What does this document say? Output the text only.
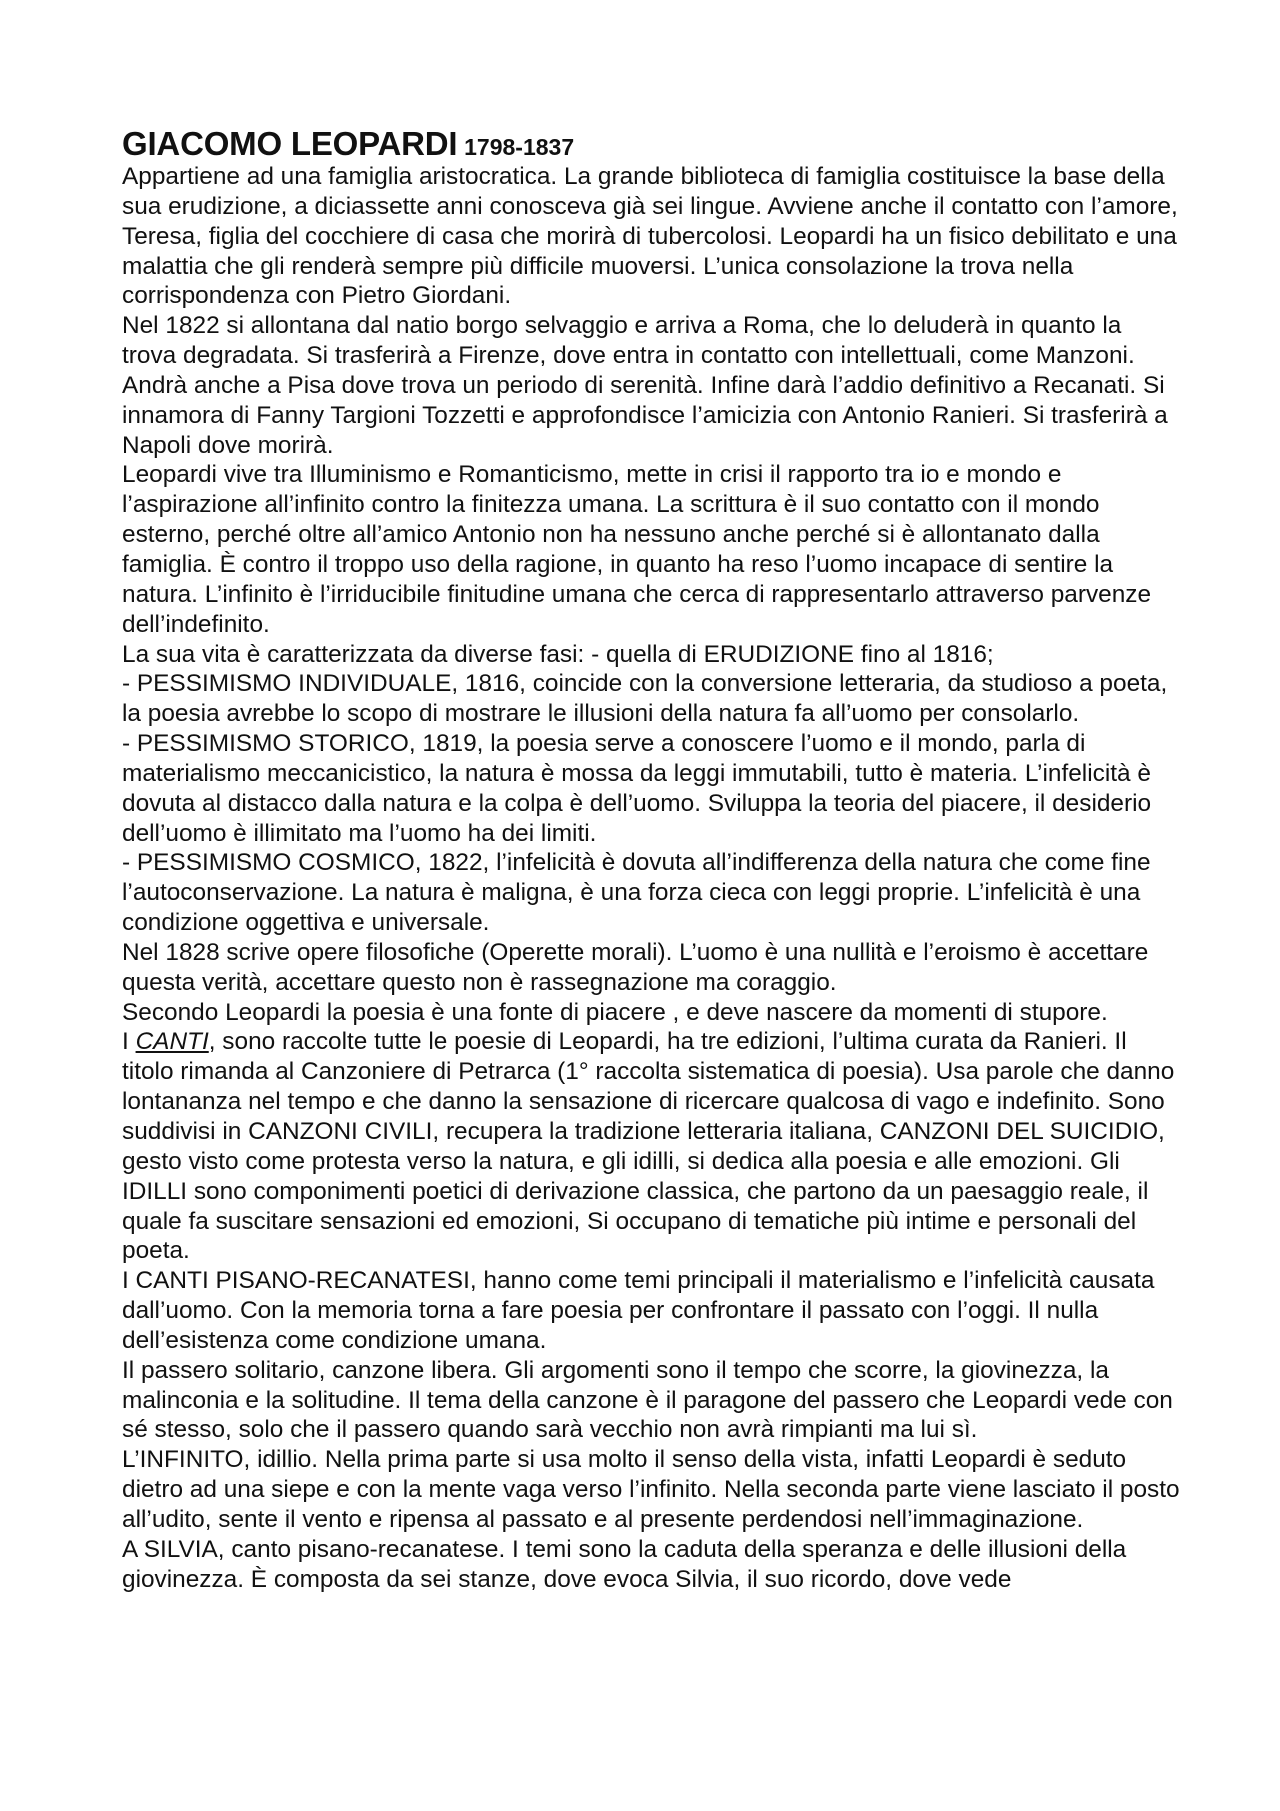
GIACOMO LEOPARDI 1798-1837

Appartiene ad una famiglia aristocratica. La grande biblioteca di famiglia costituisce la base della sua erudizione, a diciassette anni conosceva già sei lingue. Avviene anche il contatto con l’amore, Teresa, figlia del cocchiere di casa che morirà di tubercolosi. Leopardi ha un fisico debilitato e una malattia che gli renderà sempre più difficile muoversi. L’unica consolazione la trova nella corrispondenza con Pietro Giordani.

Nel 1822 si allontana dal natio borgo selvaggio e arriva a Roma, che lo deluderà in quanto la trova degradata. Si trasferirà a Firenze, dove entra in contatto con intellettuali, come Manzoni. Andrà anche a Pisa dove trova un periodo di serenità. Infine darà l’addio definitivo a Recanati. Si innamora di Fanny Targioni Tozzetti e approfondisce l’amicizia con Antonio Ranieri. Si trasferirà a Napoli dove morirà.

Leopardi vive tra Illuminismo e Romanticismo, mette in crisi il rapporto tra io e mondo e l’aspirazione all’infinito contro la finitezza umana. La scrittura è il suo contatto con il mondo esterno, perché oltre all’amico Antonio non ha nessuno anche perché si è allontanato dalla famiglia. È contro il troppo uso della ragione, in quanto ha reso l’uomo incapace di sentire la natura. L’infinito è l’irriducibile finitudine umana che cerca di rappresentarlo attraverso parvenze dell’indefinito.

La sua vita è caratterizzata da diverse fasi: - quella di ERUDIZIONE fino al 1816;

- PESSIMISMO INDIVIDUALE, 1816, coincide con la conversione letteraria, da studioso a poeta, la poesia avrebbe lo scopo di mostrare le illusioni della natura fa all’uomo per consolarlo.

- PESSIMISMO STORICO, 1819, la poesia serve a conoscere l’uomo e il mondo, parla di materialismo meccanicistico, la natura è mossa da leggi immutabili, tutto è materia. L’infelicità è dovuta al distacco dalla natura e la colpa è dell’uomo. Sviluppa la teoria del piacere, il desiderio dell’uomo è illimitato ma l’uomo ha dei limiti.

- PESSIMISMO COSMICO, 1822, l’infelicità è dovuta all’indifferenza della natura che come fine l’autoconservazione. La natura è maligna, è una forza cieca con leggi proprie. L’infelicità è una condizione oggettiva e universale.

Nel 1828 scrive opere filosofiche (Operette morali). L’uomo è una nullità e l’eroismo è accettare questa verità, accettare questo non è rassegnazione ma coraggio.

Secondo Leopardi la poesia è una fonte di piacere , e deve nascere da momenti di stupore.

I CANTI, sono raccolte tutte le poesie di Leopardi, ha tre edizioni, l’ultima curata da Ranieri. Il titolo rimanda al Canzoniere di Petrarca (1° raccolta sistematica di poesia). Usa parole che danno lontananza nel tempo e che danno la sensazione di ricercare qualcosa di vago e indefinito. Sono suddivisi in CANZONI CIVILI, recupera la tradizione letteraria italiana, CANZONI DEL SUICIDIO, gesto visto come protesta verso la natura, e gli idilli, si dedica alla poesia e alle emozioni. Gli IDILLI sono componimenti poetici di derivazione classica, che partono da un paesaggio reale, il quale fa suscitare sensazioni ed emozioni, Si occupano di tematiche più intime e personali del poeta.

I CANTI PISANO-RECANATESI, hanno come temi principali il materialismo e l’infelicità causata dall’uomo. Con la memoria torna a fare poesia per confrontare il passato con l’oggi. Il nulla dell’esistenza come condizione umana.

Il passero solitario, canzone libera. Gli argomenti sono il tempo che scorre, la giovinezza, la malinconia e la solitudine. Il tema della canzone è il paragone del passero che Leopardi vede con sé stesso, solo che il passero quando sarà vecchio non avrà rimpianti ma lui sì.

L’INFINITO, idillio. Nella prima parte si usa molto il senso della vista, infatti Leopardi è seduto dietro ad una siepe e con la mente vaga verso l’infinito. Nella seconda parte viene lasciato il posto all’udito, sente il vento e ripensa al passato e al presente perdendosi nell’immaginazione.

A SILVIA, canto pisano-recanatese. I temi sono la caduta della speranza e delle illusioni della giovinezza. È composta da sei stanze, dove evoca Silvia, il suo ricordo, dove vede
